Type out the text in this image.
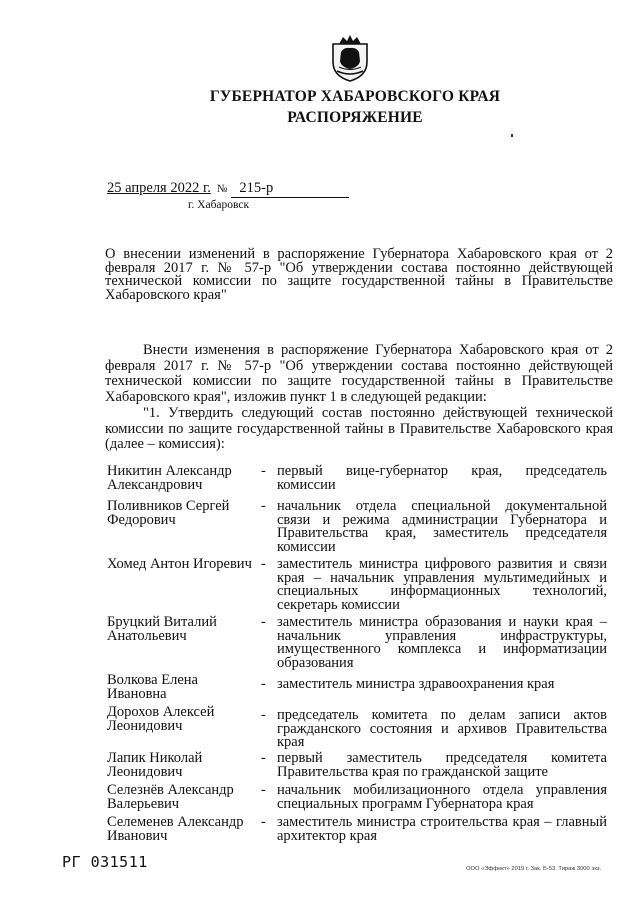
ГУБЕРНАТОР ХАБАРОВСКОГО КРАЯ
РАСПОРЯЖЕНИЕ
25 апреля 2022 г. № 215-р
г. Хабаровск
О внесении изменений в распоряжение Губернатора Хабаровского края от 2 февраля 2017 г. № 57-р "Об утверждении состава постоянно действующей технической комиссии по защите государственной тайны в Правительстве Хабаровского края"
Внести изменения в распоряжение Губернатора Хабаровского края от 2 февраля 2017 г. № 57-р "Об утверждении состава постоянно действующей технической комиссии по защите государственной тайны в Правительстве Хабаровского края", изложив пункт 1 в следующей редакции:
"1. Утвердить следующий состав постоянно действующей технической комиссии по защите государственной тайны в Правительстве Хабаровского края (далее – комиссия):
Никитин Александр Александрович
- первый вице-губернатор края, председатель комиссии
Поливников Сергей Федорович
- начальник отдела специальной документальной связи и режима администрации Губернатора и Правительства края, заместитель председателя комиссии
Хомед Антон Игоревич - заместитель министра цифрового развития и связи края – начальник управления мультимедийных и специальных информационных технологий, секретарь комиссии
Бруцкий Виталий Анатольевич
- заместитель министра образования и науки края – начальник управления инфраструктуры, имущественного комплекса и информатизации образования
Волкова Елена Ивановна
- заместитель министра здравоохранения края
Дорохов Алексей Леонидович
- председатель комитета по делам записи актов гражданского состояния и архивов Правительства края
Лапик Николай Леонидович
- первый заместитель председателя комитета Правительства края по гражданской защите
Селезнёв Александр Валерьевич
- начальник мобилизационного отдела управления специальных программ Губернатора края
Селеменев Александр Иванович
- заместитель министра строительства края – главный архитектор края
РГ 031511	ООО «Эффект» 2019 г. Зак. Б-53. Тираж 3000 экз.
